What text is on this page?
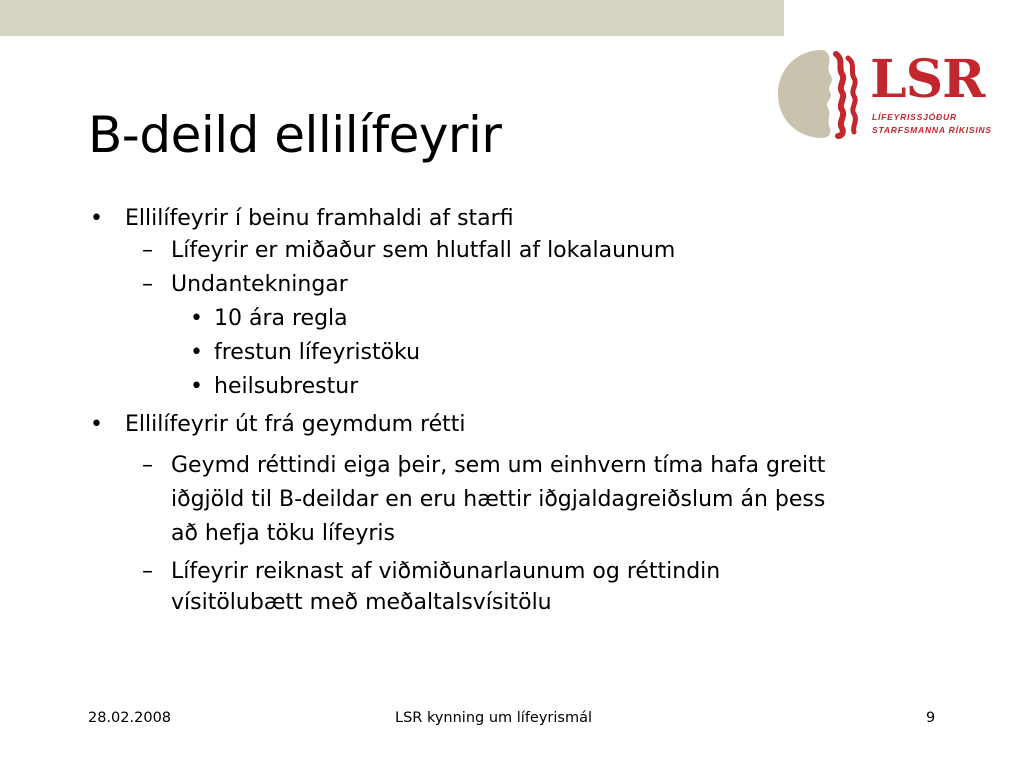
LSR
LÍFEYRISSJÓÐUR
STARFSMANNA RÍKISINS
B-deild ellilífeyrir
• Ellilífeyrir í beinu framhaldi af starfi
– Lífeyrir er miðaður sem hlutfall af lokalaunum
– Undantekningar
• 10 ára regla
• frestun lífeyristöku
• heilsubrestur
• Ellilífeyrir út frá geymdum rétti
– Geymd réttindi eiga þeir, sem um einhvern tíma hafa greitt
iðgjöld til B-deildar en eru hættir iðgjaldagreiðslum án þess
að hefja töku lífeyris
– Lífeyrir reiknast af viðmiðunarlaunum og réttindin
vísitölubætt með meðaltalsvísitölu
28.02.2008	LSR kynning um lífeyrismál	9
